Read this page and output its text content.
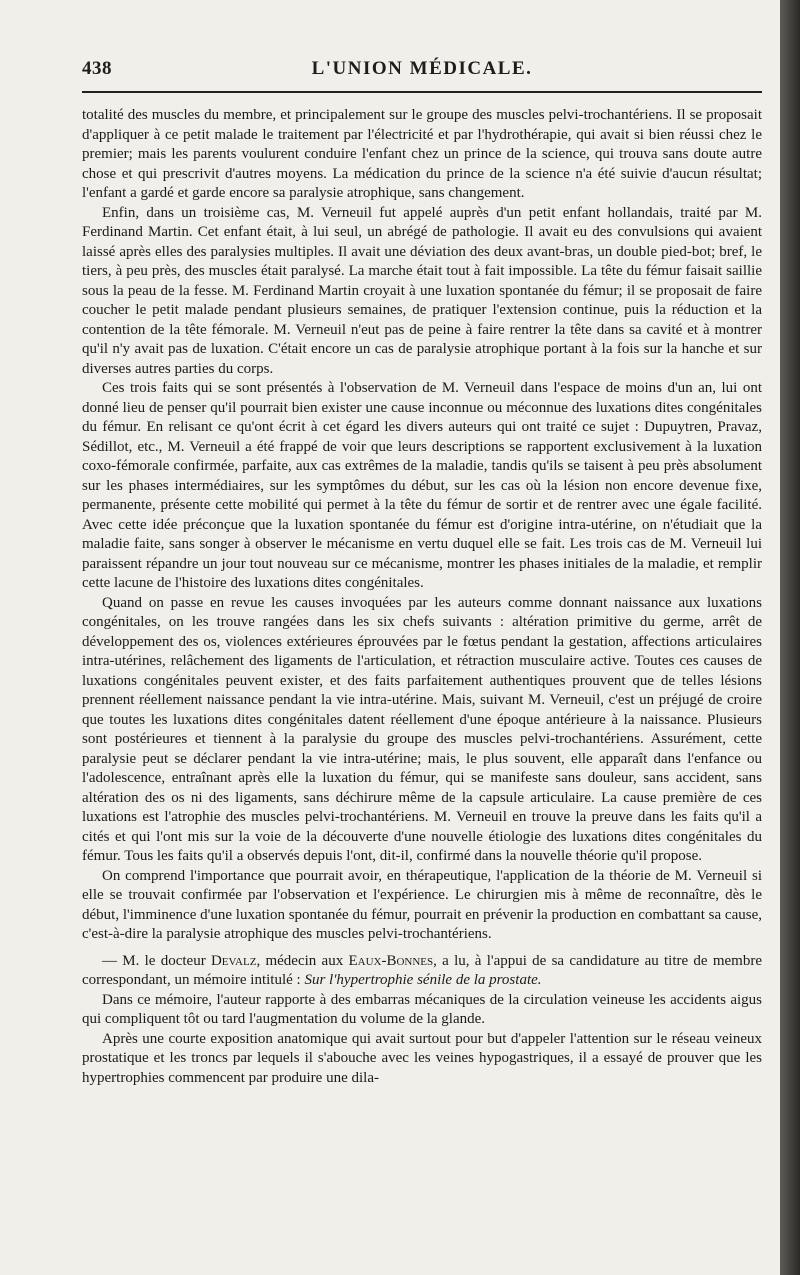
438	L'UNION MÉDICALE.

totalité des muscles du membre, et principalement sur le groupe des muscles pelvi-trochantériens. Il se proposait d'appliquer à ce petit malade le traitement par l'électricité et par l'hydrothérapie, qui avait si bien réussi chez le premier; mais les parents voulurent conduire l'enfant chez un prince de la science, qui trouva sans doute autre chose et qui prescrivit d'autres moyens. La médication du prince de la science n'a été suivie d'aucun résultat; l'enfant a gardé et garde encore sa paralysie atrophique, sans changement.

Enfin, dans un troisième cas, M. Verneuil fut appelé auprès d'un petit enfant hollandais, traité par M. Ferdinand Martin. Cet enfant était, à lui seul, un abrégé de pathologie. Il avait eu des convulsions qui avaient laissé après elles des paralysies multiples. Il avait une déviation des deux avant-bras, un double pied-bot; bref, le tiers, à peu près, des muscles était paralysé. La marche était tout à fait impossible. La tête du fémur faisait saillie sous la peau de la fesse. M. Ferdinand Martin croyait à une luxation spontanée du fémur; il se proposait de faire coucher le petit malade pendant plusieurs semaines, de pratiquer l'extension continue, puis la réduction et la contention de la tête fémorale. M. Verneuil n'eut pas de peine à faire rentrer la tête dans sa cavité et à montrer qu'il n'y avait pas de luxation. C'était encore un cas de paralysie atrophique portant à la fois sur la hanche et sur diverses autres parties du corps.

Ces trois faits qui se sont présentés à l'observation de M. Verneuil dans l'espace de moins d'un an, lui ont donné lieu de penser qu'il pourrait bien exister une cause inconnue ou méconnue des luxations dites congénitales du fémur. En relisant ce qu'ont écrit à cet égard les divers auteurs qui ont traité ce sujet : Dupuytren, Pravaz, Sédillot, etc., M. Verneuil a été frappé de voir que leurs descriptions se rapportent exclusivement à la luxation coxo-fémorale confirmée, parfaite, aux cas extrêmes de la maladie, tandis qu'ils se taisent à peu près absolument sur les phases intermédiaires, sur les symptômes du début, sur les cas où la lésion non encore devenue fixe, permanente, présente cette mobilité qui permet à la tête du fémur de sortir et de rentrer avec une égale facilité. Avec cette idée préconçue que la luxation spontanée du fémur est d'origine intra-utérine, on n'étudiait que la maladie faite, sans songer à observer le mécanisme en vertu duquel elle se fait. Les trois cas de M. Verneuil lui paraissent répandre un jour tout nouveau sur ce mécanisme, montrer les phases initiales de la maladie, et remplir cette lacune de l'histoire des luxations dites congénitales.

Quand on passe en revue les causes invoquées par les auteurs comme donnant naissance aux luxations congénitales, on les trouve rangées dans les six chefs suivants : altération primitive du germe, arrêt de développement des os, violences extérieures éprouvées par le fœtus pendant la gestation, affections articulaires intra-utérines, relâchement des ligaments de l'articulation, et rétraction musculaire active. Toutes ces causes de luxations congénitales peuvent exister, et des faits parfaitement authentiques prouvent que de telles lésions prennent réellement naissance pendant la vie intra-utérine. Mais, suivant M. Verneuil, c'est un préjugé de croire que toutes les luxations dites congénitales datent réellement d'une époque antérieure à la naissance. Plusieurs sont postérieures et tiennent à la paralysie du groupe des muscles pelvi-trochantériens. Assurément, cette paralysie peut se déclarer pendant la vie intra-utérine; mais, le plus souvent, elle apparaît dans l'enfance ou l'adolescence, entraînant après elle la luxation du fémur, qui se manifeste sans douleur, sans accident, sans altération des os ni des ligaments, sans déchirure même de la capsule articulaire. La cause première de ces luxations est l'atrophie des muscles pelvi-trochantériens. M. Verneuil en trouve la preuve dans les faits qu'il a cités et qui l'ont mis sur la voie de la découverte d'une nouvelle étiologie des luxations dites congénitales du fémur. Tous les faits qu'il a observés depuis l'ont, dit-il, confirmé dans la nouvelle théorie qu'il propose.

On comprend l'importance que pourrait avoir, en thérapeutique, l'application de la théorie de M. Verneuil si elle se trouvait confirmée par l'observation et l'expérience. Le chirurgien mis à même de reconnaître, dès le début, l'imminence d'une luxation spontanée du fémur, pourrait en prévenir la production en combattant sa cause, c'est-à-dire la paralysie atrophique des muscles pelvi-trochantériens.

— M. le docteur Devalz, médecin aux Eaux-Bonnes, a lu, à l'appui de sa candidature au titre de membre correspondant, un mémoire intitulé : Sur l'hypertrophie sénile de la prostate.

Dans ce mémoire, l'auteur rapporte à des embarras mécaniques de la circulation veineuse les accidents aigus qui compliquent tôt ou tard l'augmentation du volume de la glande.

Après une courte exposition anatomique qui avait surtout pour but d'appeler l'attention sur le réseau veineux prostatique et les troncs par lequels il s'abouche avec les veines hypogastriques, il a essayé de prouver que les hypertrophies commencent par produire une dila-
